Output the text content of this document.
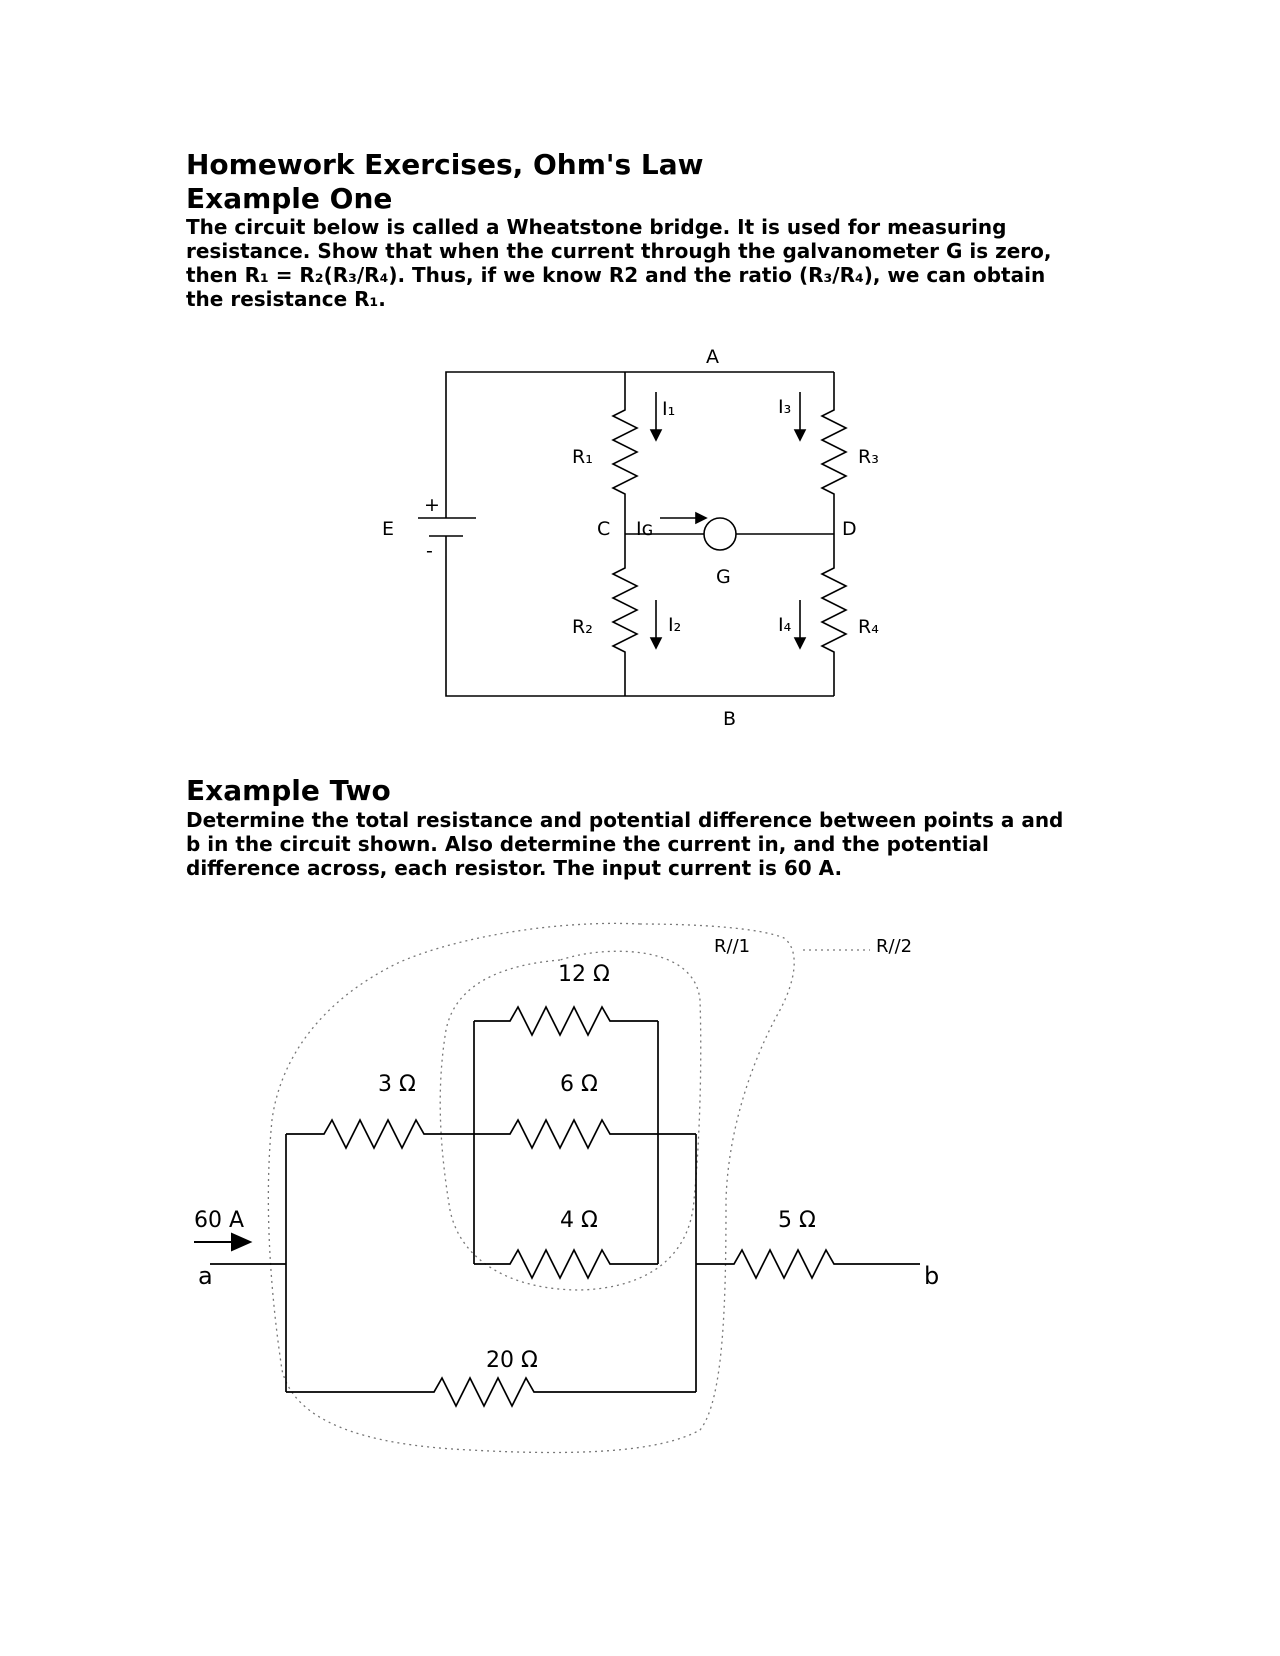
Homework Exercises, Ohm's Law
Example One

The circuit below is called a Wheatstone bridge. It is used for measuring resistance. Show that when the current through the galvanometer G is zero, then R₁ = R₂(R₃/R₄). Thus, if we know R2 and the ratio (R₃/R₄), we can obtain the resistance R₁.

Example Two

Determine the total resistance and potential difference between points a and b in the circuit shown. Also determine the current in, and the potential difference across, each resistor. The input current is 60 A.

A
B
C	D
E
+
-
G
R₁
R₂
R₃
R₄
I₁	I₃
I₂	I₄
Iɢ
R//1	R//2
12 Ω
3 Ω	6 Ω
4 Ω	5 Ω
20 Ω
60 A
a	b
